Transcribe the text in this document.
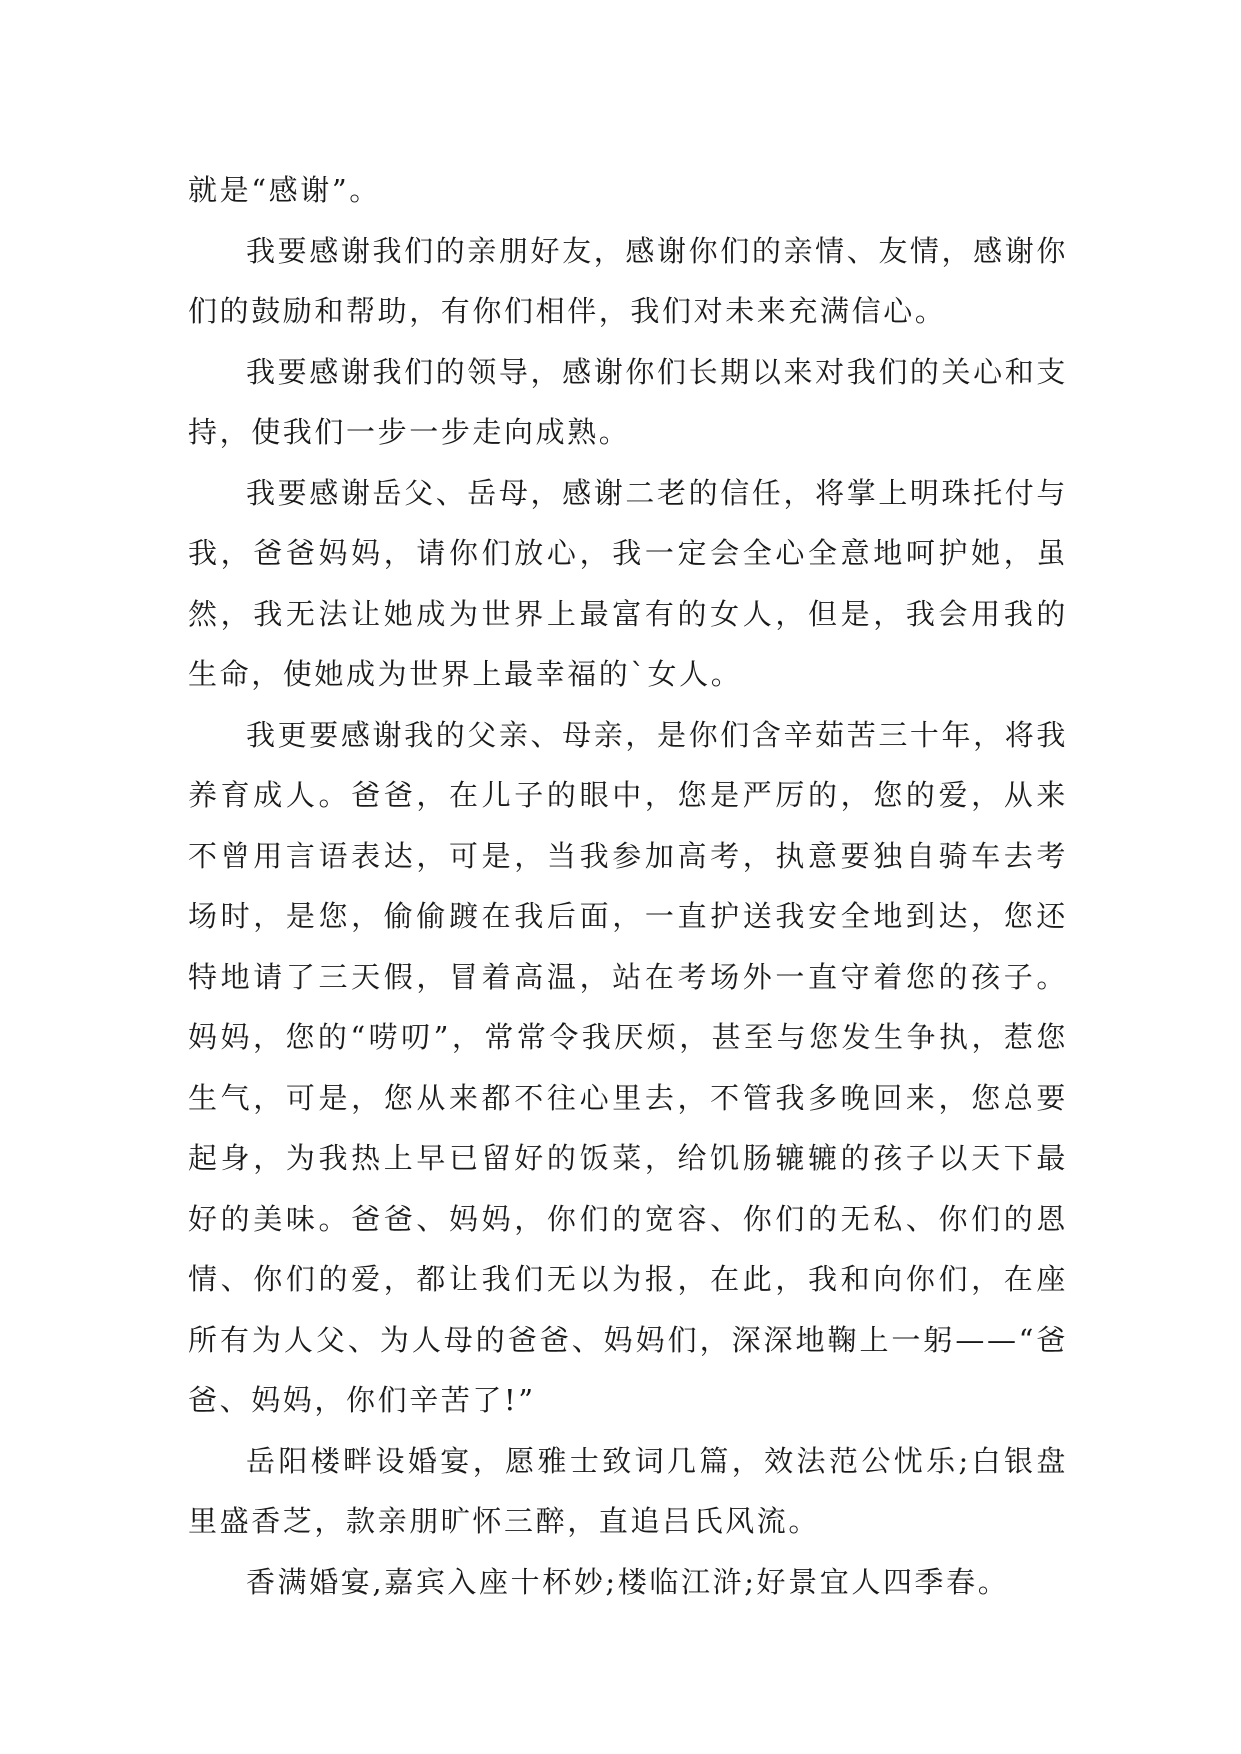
就是“感谢”。

我要感谢我们的亲朋好友，感谢你们的亲情、友情，感谢你们的鼓励和帮助，有你们相伴，我们对未来充满信心。

我要感谢我们的领导，感谢你们长期以来对我们的关心和支持，使我们一步一步走向成熟。

我要感谢岳父、岳母，感谢二老的信任，将掌上明珠托付与我，爸爸妈妈，请你们放心，我一定会全心全意地呵护她，虽然，我无法让她成为世界上最富有的女人，但是，我会用我的生命，使她成为世界上最幸福的`女人。

我更要感谢我的父亲、母亲，是你们含辛茹苦三十年，将我养育成人。爸爸，在儿子的眼中，您是严厉的，您的爱，从来不曾用言语表达，可是，当我参加高考，执意要独自骑车去考场时，是您，偷偷踱在我后面，一直护送我安全地到达，您还特地请了三天假，冒着高温，站在考场外一直守着您的孩子。妈妈，您的“唠叨”，常常令我厌烦，甚至与您发生争执，惹您生气，可是，您从来都不往心里去，不管我多晚回来，您总要起身，为我热上早已留好的饭菜，给饥肠辘辘的孩子以天下最好的美味。爸爸、妈妈，你们的宽容、你们的无私、你们的恩情、你们的爱，都让我们无以为报，在此，我和向你们，在座所有为人父、为人母的爸爸、妈妈们，深深地鞠上一躬——“爸爸、妈妈，你们辛苦了!”

岳阳楼畔设婚宴，愿雅士致词几篇，效法范公忧乐;白银盘里盛香芝，款亲朋旷怀三醉，直追吕氏风流。

香满婚宴,嘉宾入座十杯妙;楼临江浒;好景宜人四季春。
